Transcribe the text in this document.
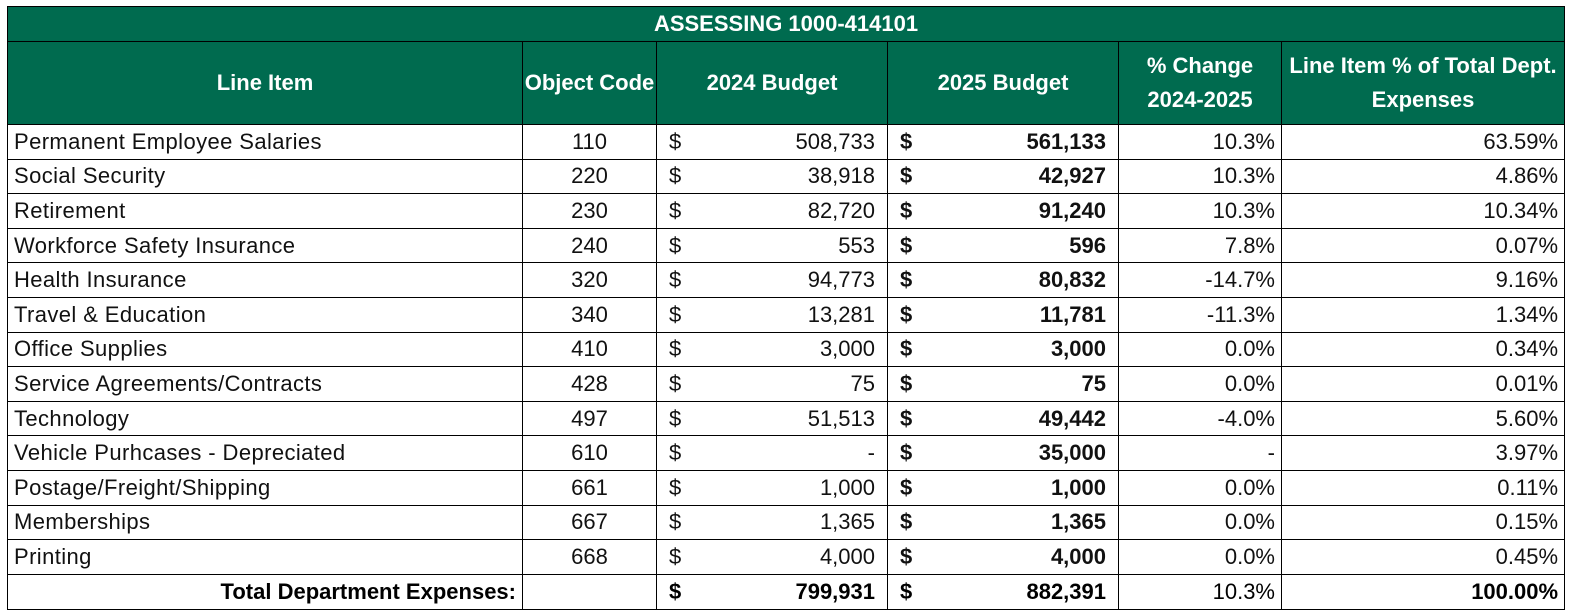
ASSESSING 1000-414101					
Line Item	Object Code	2024 Budget	2025 Budget	% Change 2024-2025	Line Item % of Total Dept. Expenses
Permanent Employee Salaries	110	$ 508,733	$ 561,133	10.3%	63.59%
Social Security	220	$ 38,918	$ 42,927	10.3%	4.86%
Retirement	230	$ 82,720	$ 91,240	10.3%	10.34%
Workforce Safety Insurance	240	$ 553	$ 596	7.8%	0.07%
Health Insurance	320	$ 94,773	$ 80,832	-14.7%	9.16%
Travel & Education	340	$ 13,281	$ 11,781	-11.3%	1.34%
Office Supplies	410	$ 3,000	$ 3,000	0.0%	0.34%
Service Agreements/Contracts	428	$ 75	$ 75	0.0%	0.01%
Technology	497	$ 51,513	$ 49,442	-4.0%	5.60%
Vehicle Purhcases - Depreciated	610	$ -	$ 35,000	-	3.97%
Postage/Freight/Shipping	661	$ 1,000	$ 1,000	0.0%	0.11%
Memberships	667	$ 1,365	$ 1,365	0.0%	0.15%
Printing	668	$ 4,000	$ 4,000	0.0%	0.45%
Total Department Expenses:		$ 799,931	$ 882,391	10.3%	100.00%
